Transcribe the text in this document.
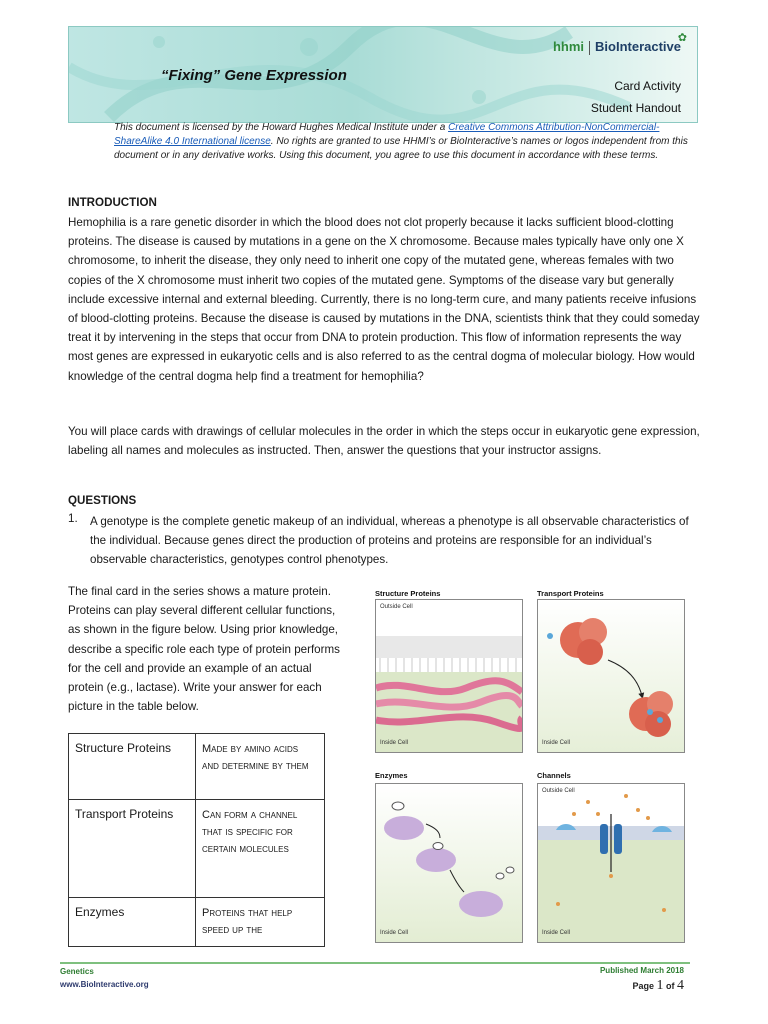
“Fixing” Gene Expression
✿
hhmi BioInteractive
Card Activity
Student Handout

This document is licensed by the Howard Hughes Medical Institute under a Creative Commons Attribution-NonCommercial-ShareAlike 4.0 International license. No rights are granted to use HHMI’s or BioInteractive’s names or logos independent from this document or in any derivative works. Using this document, you agree to use this document in accordance with these terms.

INTRODUCTION

Hemophilia is a rare genetic disorder in which the blood does not clot properly because it lacks sufficient blood-clotting proteins. The disease is caused by mutations in a gene on the X chromosome. Because males typically have only one X chromosome, to inherit the disease, they only need to inherit one copy of the mutated gene, whereas females with two copies of the X chromosome must inherit two copies of the mutated gene. Symptoms of the disease vary but generally include excessive internal and external bleeding. Currently, there is no long-term cure, and many patients receive infusions of blood-clotting proteins. Because the disease is caused by mutations in the DNA, scientists think that they could someday treat it by intervening in the steps that occur from DNA to protein production. This flow of information represents the way most genes are expressed in eukaryotic cells and is also referred to as the central dogma of molecular biology. How would knowledge of the central dogma help find a treatment for hemophilia?

You will place cards with drawings of cellular molecules in the order in which the steps occur in eukaryotic gene expression, labeling all names and molecules as instructed. Then, answer the questions that your instructor assigns.

QUESTIONS

1. A genotype is the complete genetic makeup of an individual, whereas a phenotype is all observable characteristics of the individual. Because genes direct the production of proteins and proteins are responsible for an individual’s observable characteristics, genotypes control phenotypes.

The final card in the series shows a mature protein. Proteins can play several different cellular functions, as shown in the figure below. Using prior knowledge, describe a specific role each type of protein performs for the cell and provide an example of an actual protein (e.g., lactase). Write your answer for each picture in the table below.

Structure Proteins	Made by amino acids and determine by them
Transport Proteins	Can form a channel that is specific for certain molecules
Enzymes	Proteins that help speed up the
Structure Proteins
Outside Cell
Inside Cell
Transport Proteins
Inside Cell
Enzymes
Inside Cell
Channels
Outside Cell
Inside Cell
Genetics
www.BioInteractive.org
Published March 2018
Page 1 of 4
